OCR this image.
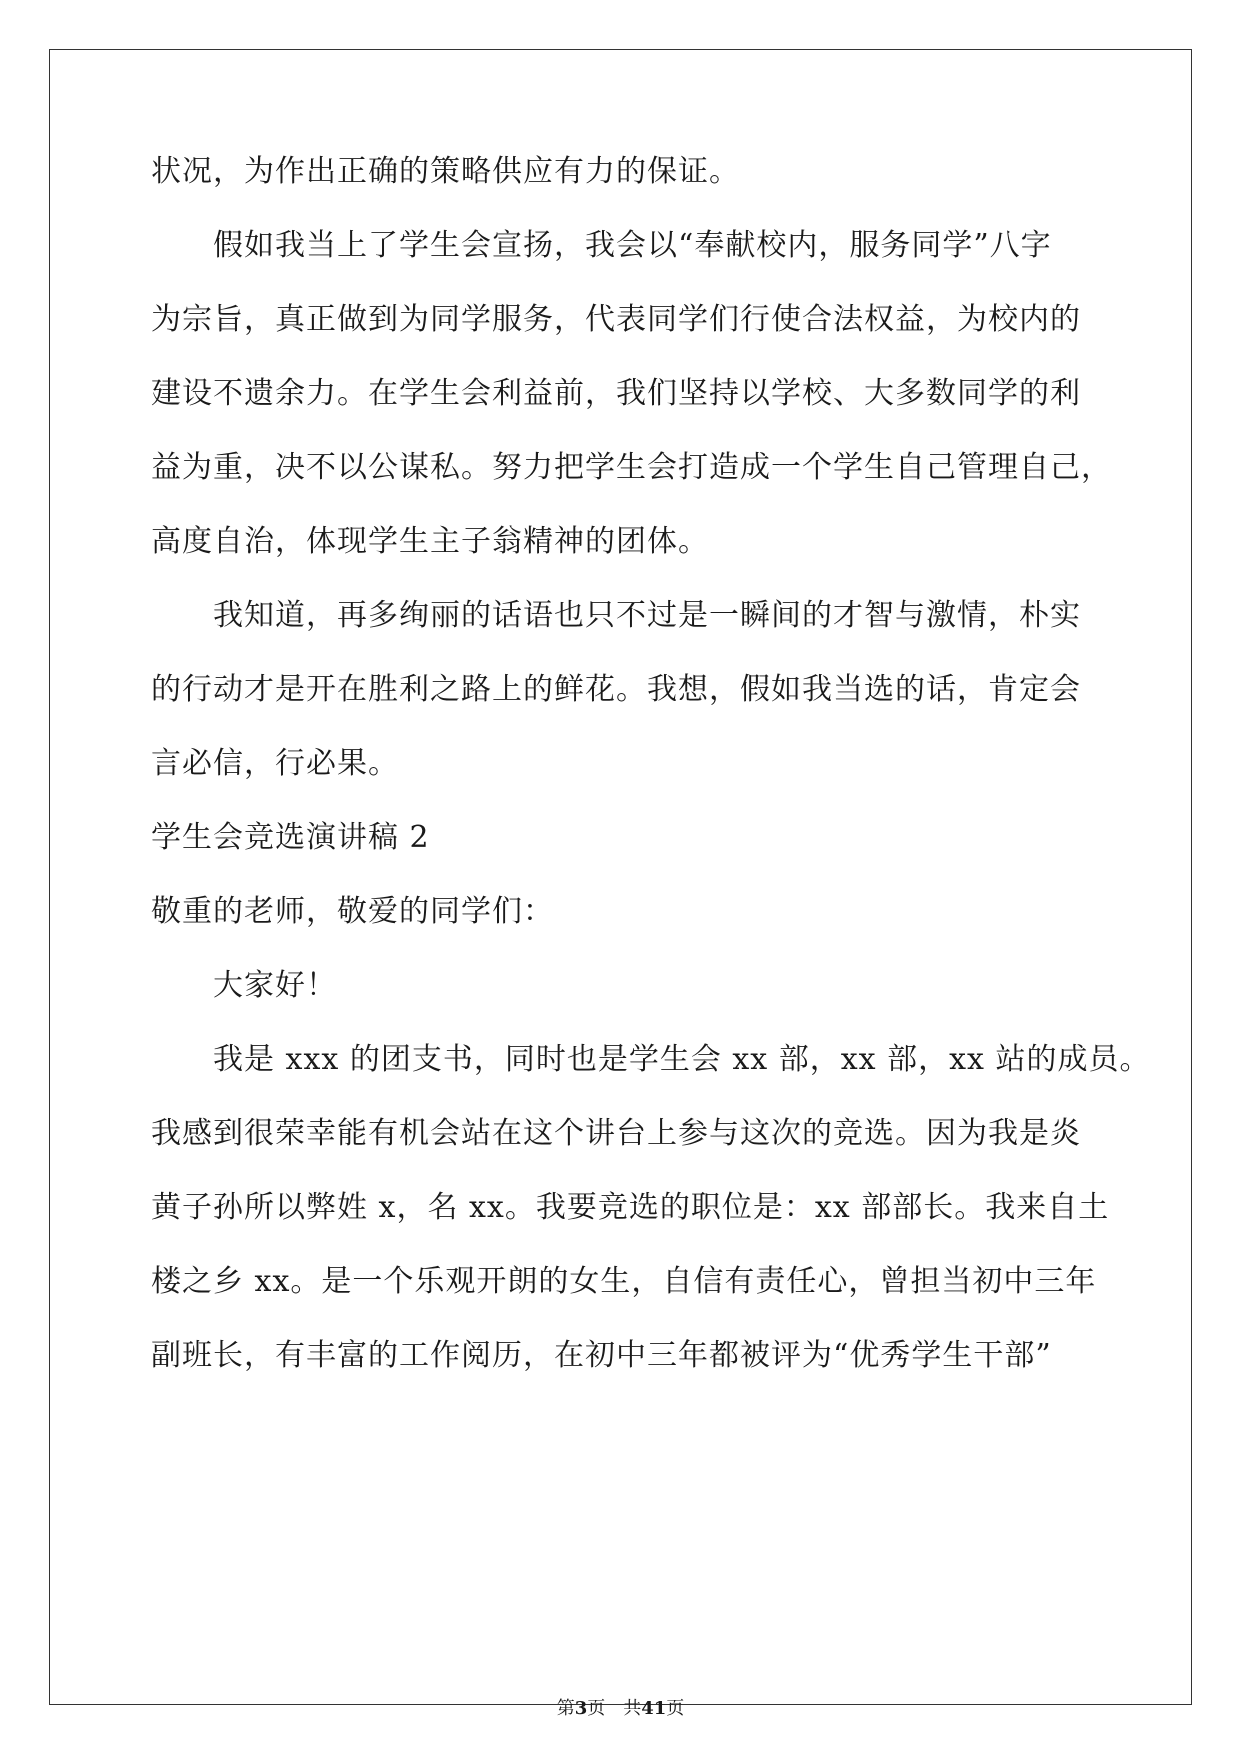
状况，为作出正确的策略供应有力的保证。
假如我当上了学生会宣扬，我会以“奉献校内，服务同学”八字
为宗旨，真正做到为同学服务，代表同学们行使合法权益，为校内的
建设不遗余力。在学生会利益前，我们坚持以学校、大多数同学的利
益为重，决不以公谋私。努力把学生会打造成一个学生自己管理自己，
高度自治，体现学生主子翁精神的团体。
我知道，再多绚丽的话语也只不过是一瞬间的才智与激情，朴实
的行动才是开在胜利之路上的鲜花。我想，假如我当选的话，肯定会
言必信，行必果。
学生会竞选演讲稿 2
敬重的老师，敬爱的同学们：
大家好！
我是 xxx 的团支书，同时也是学生会 xx 部，xx 部，xx 站的成员。
我感到很荣幸能有机会站在这个讲台上参与这次的竞选。因为我是炎
黄子孙所以弊姓 x，名 xx。我要竞选的职位是：xx 部部长。我来自土
楼之乡 xx。是一个乐观开朗的女生，自信有责任心，曾担当初中三年
副班长，有丰富的工作阅历，在初中三年都被评为“优秀学生干部”
第3页　共41页
